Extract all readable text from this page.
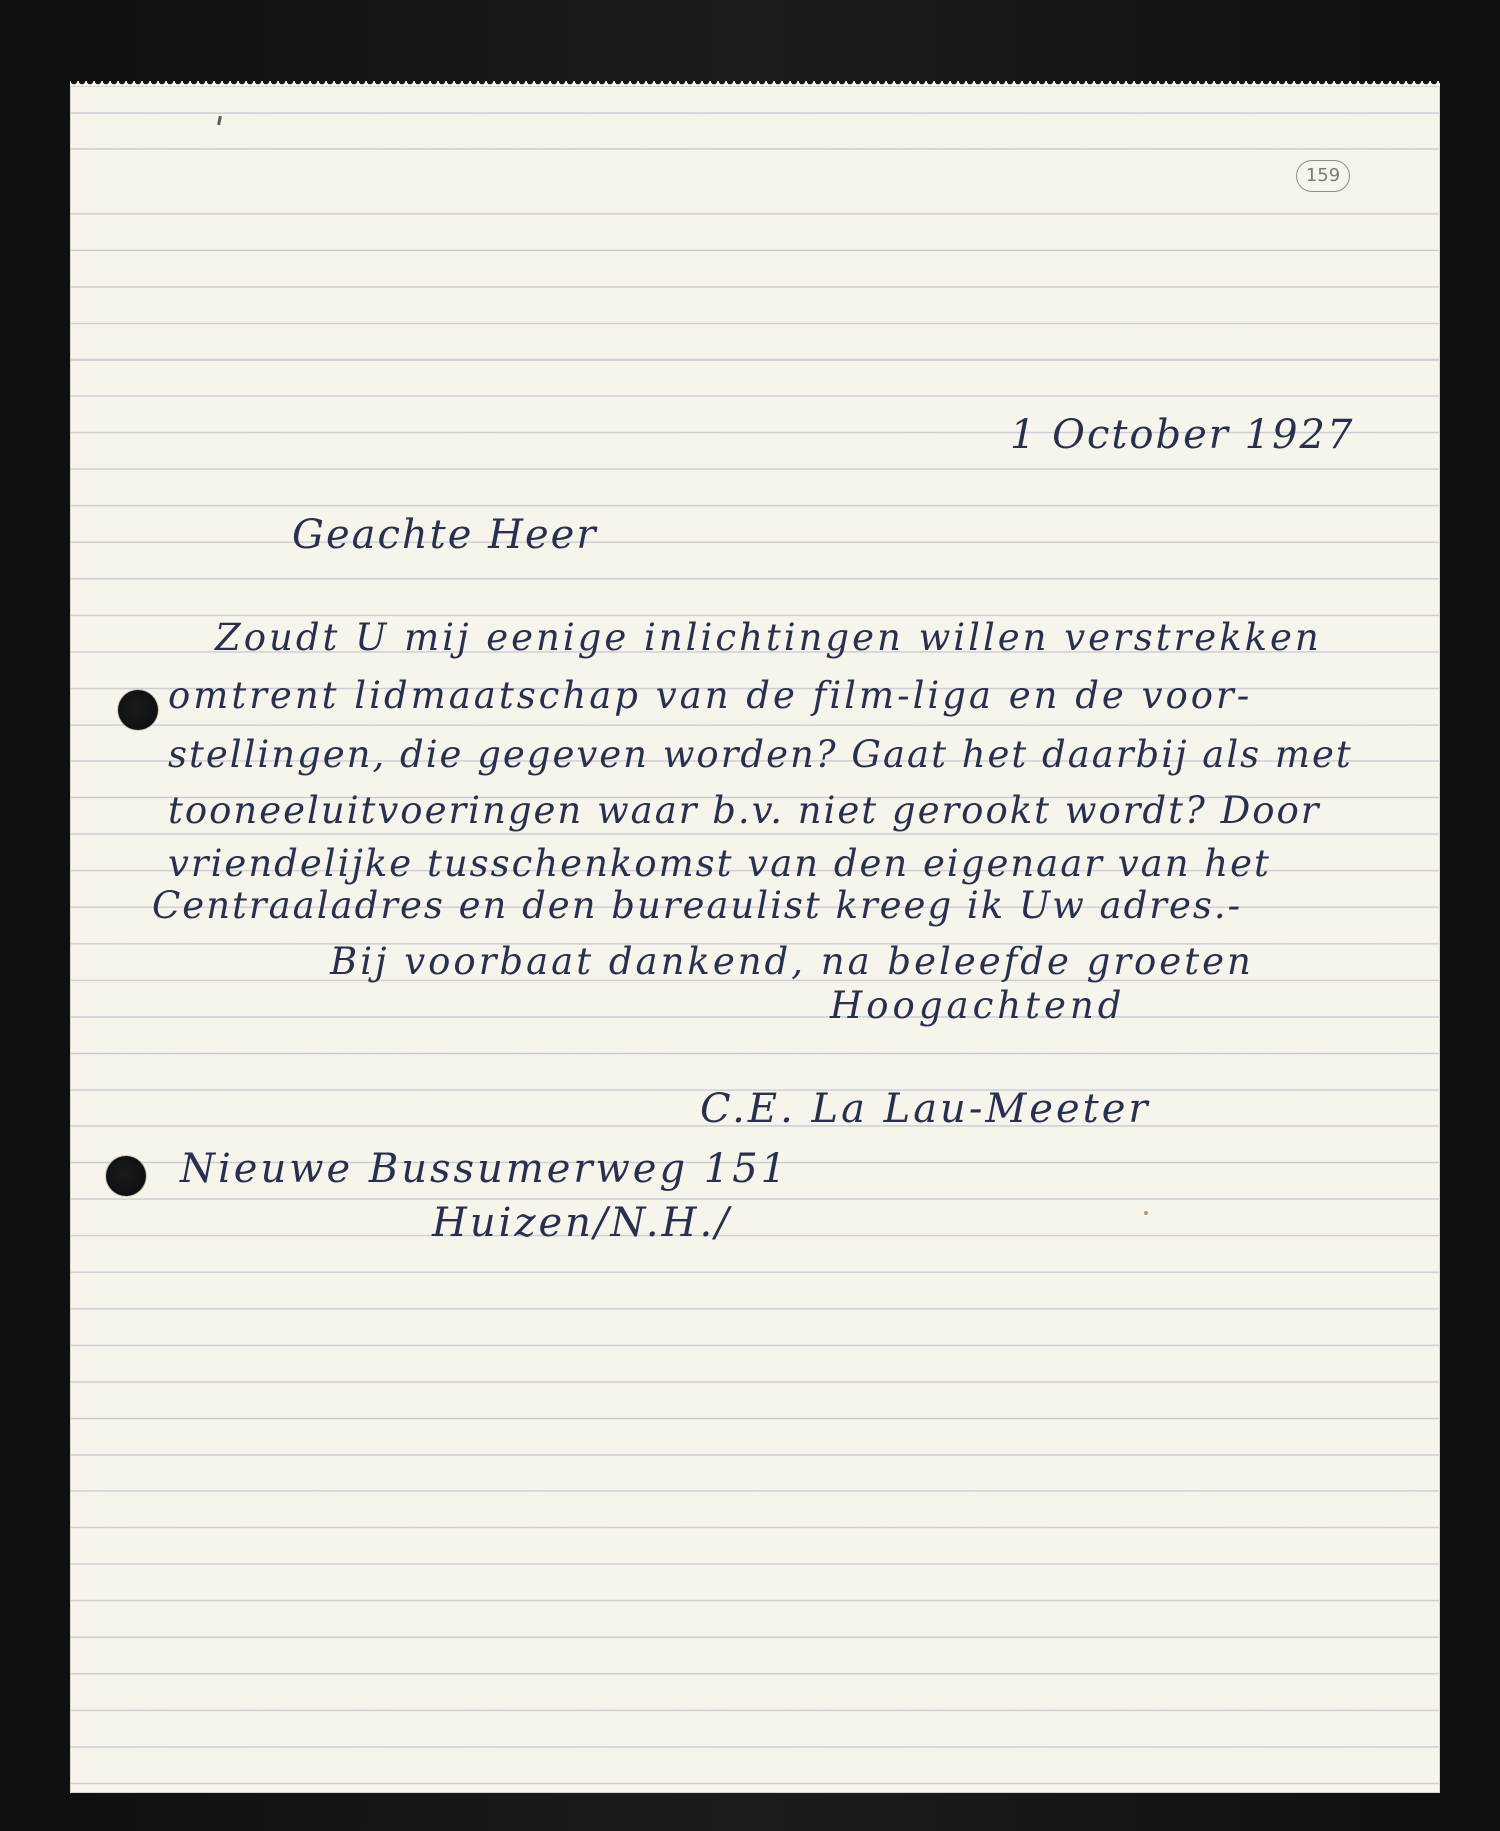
159

1 October 1927

Geachte Heer

Zoudt U mij eenige inlichtingen willen verstrekken

omtrent lidmaatschap van de film-liga en de voor-

stellingen, die gegeven worden? Gaat het daarbij als met

tooneeluitvoeringen waar b.v. niet gerookt wordt? Door

vriendelijke tusschenkomst van den eigenaar van het

Centraaladres en den bureaulist kreeg ik Uw adres.-

Bij voorbaat dankend, na beleefde groeten

Hoogachtend

C.E. La Lau-Meeter

Nieuwe Bussumerweg 151

Huizen/N.H./
